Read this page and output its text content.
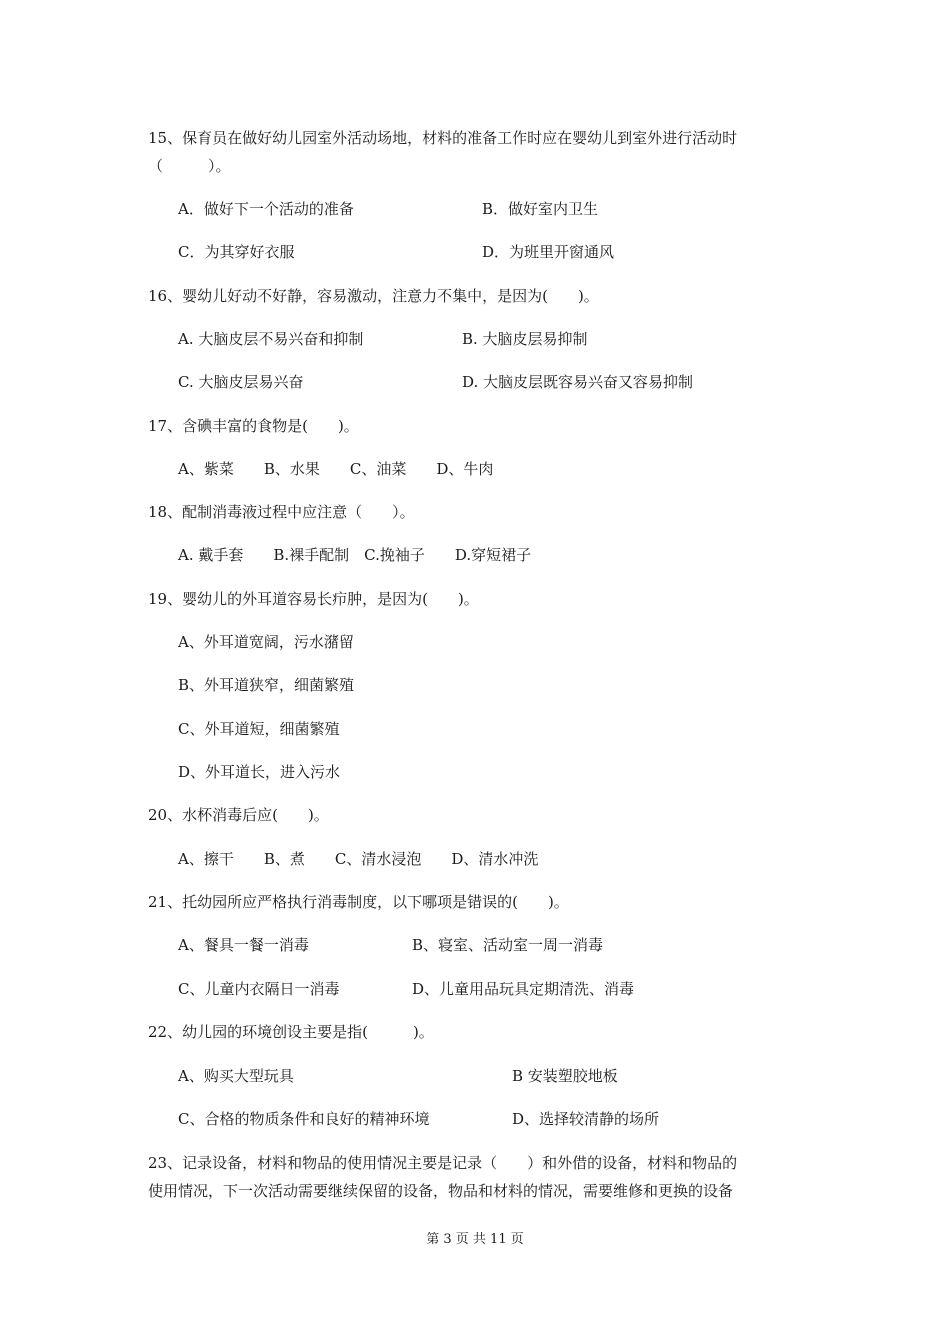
15、保育员在做好幼儿园室外活动场地，材料的准备工作时应在婴幼儿到室外进行活动时
（　　　）。
A．做好下一个活动的准备	B．做好室内卫生
C．为其穿好衣服	D．为班里开窗通风
16、婴幼儿好动不好静，容易激动，注意力不集中，是因为(　　)。
A. 大脑皮层不易兴奋和抑制	B. 大脑皮层易抑制
C. 大脑皮层易兴奋	D. 大脑皮层既容易兴奋又容易抑制
17、含碘丰富的食物是(　　)。
A、紫菜　　B、水果　　C、油菜　　D、牛肉
18、配制消毒液过程中应注意（　　）。
A. 戴手套　　B.裸手配制　C.挽袖子　　D.穿短裙子
19、婴幼儿的外耳道容易长疖肿，是因为(　　)。
A、外耳道宽阔，污水潴留
B、外耳道狭窄，细菌繁殖
C、外耳道短，细菌繁殖
D、外耳道长，进入污水
20、水杯消毒后应(　　)。
A、擦干　　B、煮　　C、清水浸泡　　D、清水冲洗
21、托幼园所应严格执行消毒制度，以下哪项是错误的(　　)。
A、餐具一餐一消毒	B、寝室、活动室一周一消毒
C、儿童内衣隔日一消毒	D、儿童用品玩具定期清洗、消毒
22、幼儿园的环境创设主要是指(　　　)。
A、购买大型玩具	B 安装塑胶地板
C、合格的物质条件和良好的精神环境	D、选择较清静的场所
23、记录设备，材料和物品的使用情况主要是记录（　　）和外借的设备，材料和物品的
使用情况，下一次活动需要继续保留的设备，物品和材料的情况，需要维修和更换的设备
第 3 页 共 11 页
